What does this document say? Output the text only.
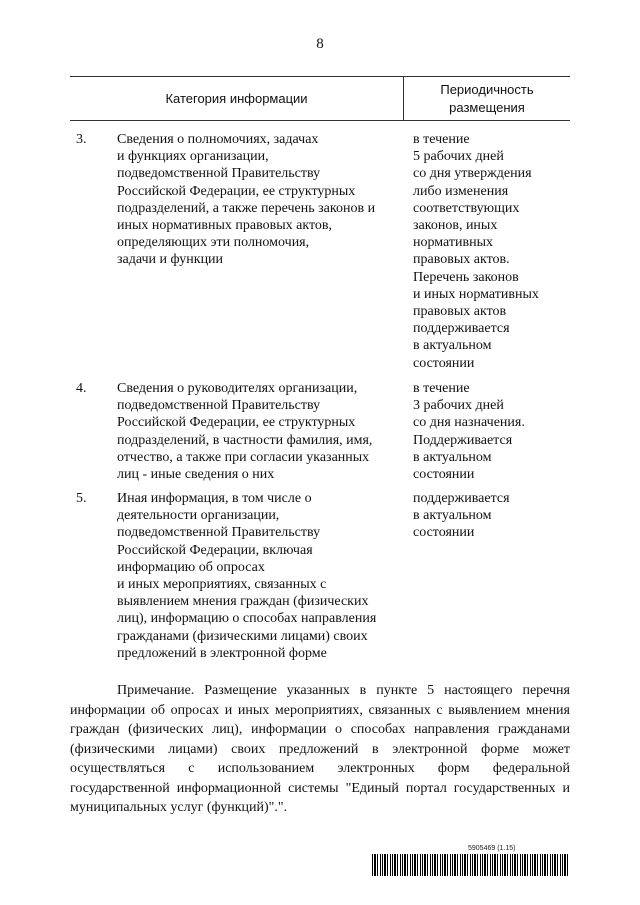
8
Категория информации
Периодичность
размещения
3. Сведения о полномочиях, задачах
и функциях организации,
подведомственной Правительству
Российской Федерации, ее структурных
подразделений, а также перечень законов и
иных нормативных правовых актов,
определяющих эти полномочия,
задачи и функции
в течение
5 рабочих дней
со дня утверждения
либо изменения
соответствующих
законов, иных
нормативных
правовых актов.
Перечень законов
и иных нормативных
правовых актов
поддерживается
в актуальном
состоянии
4. Сведения о руководителях организации,
подведомственной Правительству
Российской Федерации, ее структурных
подразделений, в частности фамилия, имя,
отчество, а также при согласии указанных
лиц - иные сведения о них
в течение
3 рабочих дней
со дня назначения.
Поддерживается
в актуальном
состоянии
5. Иная информация, в том числе о
деятельности организации,
подведомственной Правительству
Российской Федерации, включая
информацию об опросах
и иных мероприятиях, связанных с
выявлением мнения граждан (физических
лиц), информацию о способах направления
гражданами (физическими лицами) своих
предложений в электронной форме
поддерживается
в актуальном
состоянии
Примечание. Размещение указанных в пункте 5 настоящего перечня информации об опросах и иных мероприятиях, связанных с выявлением мнения граждан (физических лиц), информации о способах направления гражданами (физическими лицами) своих предложений в электронной форме может осуществляться с использованием электронных форм федеральной государственной информационной системы "Единый портал государственных и муниципальных услуг (функций)".".
5905469 (1.15)
